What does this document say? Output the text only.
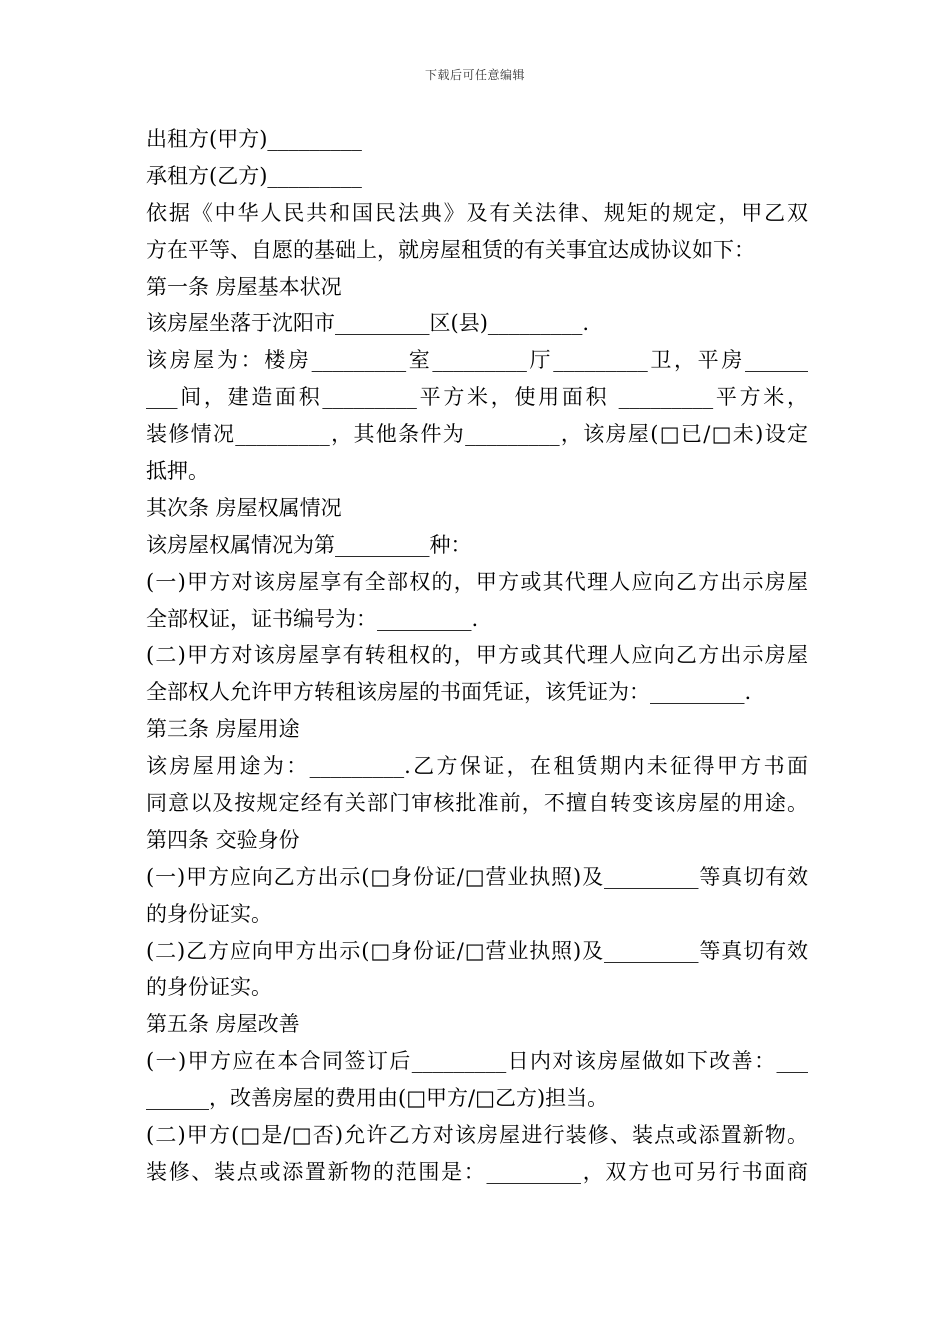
下载后可任意编辑
出租方(甲方)_________
承租方(乙方)_________
依据《中华人民共和国民法典》及有关法律、规矩的规定，甲乙双
方在平等、自愿的基础上，就房屋租赁的有关事宜达成协议如下：
第一条 房屋基本状况
该房屋坐落于沈阳市_________区(县)_________.
该房屋为：楼房_________室_________厅_________卫，平房______
___间，建造面积_________平方米，使用面积 _________平方米，
装修情况_________，其他条件为_________，该房屋(□已/□未)设定
抵押。
其次条 房屋权属情况
该房屋权属情况为第_________种：
(一)甲方对该房屋享有全部权的，甲方或其代理人应向乙方出示房屋
全部权证，证书编号为：_________.
(二)甲方对该房屋享有转租权的，甲方或其代理人应向乙方出示房屋
全部权人允许甲方转租该房屋的书面凭证，该凭证为：_________.
第三条 房屋用途
该房屋用途为：_________.乙方保证，在租赁期内未征得甲方书面
同意以及按规定经有关部门审核批准前，不擅自转变该房屋的用途。
第四条 交验身份
(一)甲方应向乙方出示(□身份证/□营业执照)及_________等真切有效
的身份证实。
(二)乙方应向甲方出示(□身份证/□营业执照)及_________等真切有效
的身份证实。
第五条 房屋改善
(一)甲方应在本合同签订后_________日内对该房屋做如下改善：___
______，改善房屋的费用由(□甲方/□乙方)担当。
(二)甲方(□是/□否)允许乙方对该房屋进行装修、装点或添置新物。
装修、装点或添置新物的范围是：_________，双方也可另行书面商
